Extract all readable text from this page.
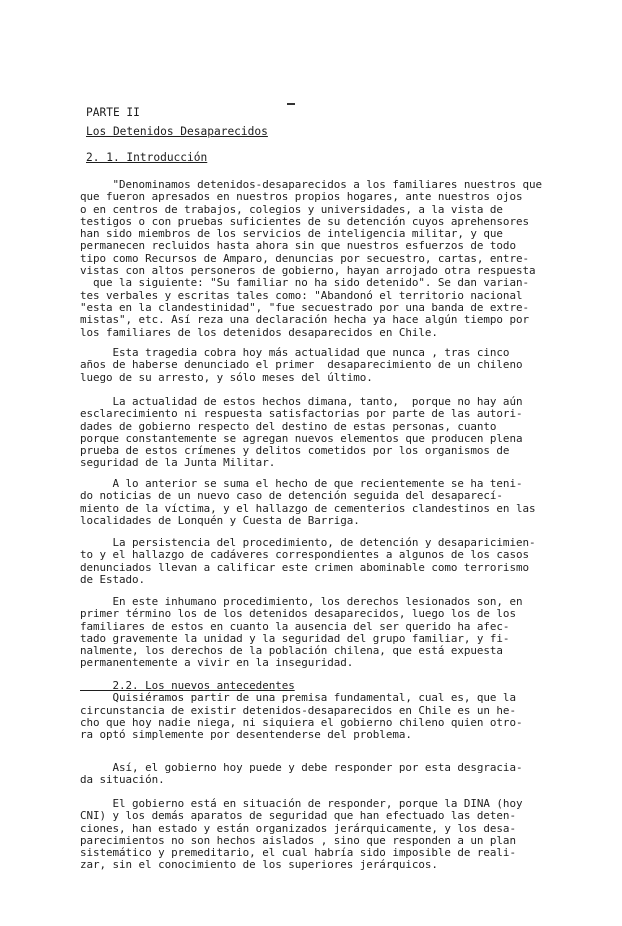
PARTE II
Los Detenidos Desaparecidos
2. 1. Introducción
"Denominamos detenidos-desaparecidos a los familiares nuestros que
que fueron apresados en nuestros propios hogares, ante nuestros ojos
o en centros de trabajos, colegios y universidades, a la vista de
testigos o con pruebas suficientes de su detención cuyos aprehensores
han sido miembros de los servicios de inteligencia militar, y que
permanecen recluidos hasta ahora sin que nuestros esfuerzos de todo
tipo como Recursos de Amparo, denuncias por secuestro, cartas, entre-
vistas con altos personeros de gobierno, hayan arrojado otra respuesta
que la siguiente: "Su familiar no ha sido detenido". Se dan varian-
tes verbales y escritas tales como: "Abandonó el territorio nacional
"esta en la clandestinidad", "fue secuestrado por una banda de extre-
mistas", etc. Así reza una declaración hecha ya hace algún tiempo por
los familiares de los detenidos desaparecidos en Chile.
Esta tragedia cobra hoy más actualidad que nunca , tras cinco
años de haberse denunciado el primer  desaparecimiento de un chileno
luego de su arresto, y sólo meses del último.
La actualidad de estos hechos dimana, tanto,  porque no hay aún
esclarecimiento ni respuesta satisfactorias por parte de las autori-
dades de gobierno respecto del destino de estas personas, cuanto
porque constantemente se agregan nuevos elementos que producen plena
prueba de estos crímenes y delitos cometidos por los organismos de
seguridad de la Junta Militar.
A lo anterior se suma el hecho de que recientemente se ha teni-
do noticias de un nuevo caso de detención seguida del desaparecí-
miento de la víctima, y el hallazgo de cementerios clandestinos en las
localidades de Lonquén y Cuesta de Barriga.
La persistencia del procedimiento, de detención y desaparicimien-
to y el hallazgo de cadáveres correspondientes a algunos de los casos
denunciados llevan a calificar este crimen abominable como terrorismo
de Estado.
En este inhumano procedimiento, los derechos lesionados son, en
primer término los de los detenidos desaparecidos, luego los de los
familiares de estos en cuanto la ausencia del ser querido ha afec-
tado gravemente la unidad y la seguridad del grupo familiar, y fi-
nalmente, los derechos de la población chilena, que está expuesta
permanentemente a vivir en la inseguridad.
2.2. Los nuevos antecedentes
Quisiéramos partir de una premisa fundamental, cual es, que la
circunstancia de existir detenidos-desaparecidos en Chile es un he-
cho que hoy nadie niega, ni siquiera el gobierno chileno quien otro-
ra optó simplemente por desentenderse del problema.
Así, el gobierno hoy puede y debe responder por esta desgracia-
da situación.
El gobierno está en situación de responder, porque la DINA (hoy
CNI) y los demás aparatos de seguridad que han efectuado las deten-
ciones, han estado y están organizados jerárquicamente, y los desa-
parecimientos no son hechos aislados , sino que responden a un plan
sistemático y premeditario, el cual habría sido imposible de reali-
zar, sin el conocimiento de los superiores jerárquicos.
